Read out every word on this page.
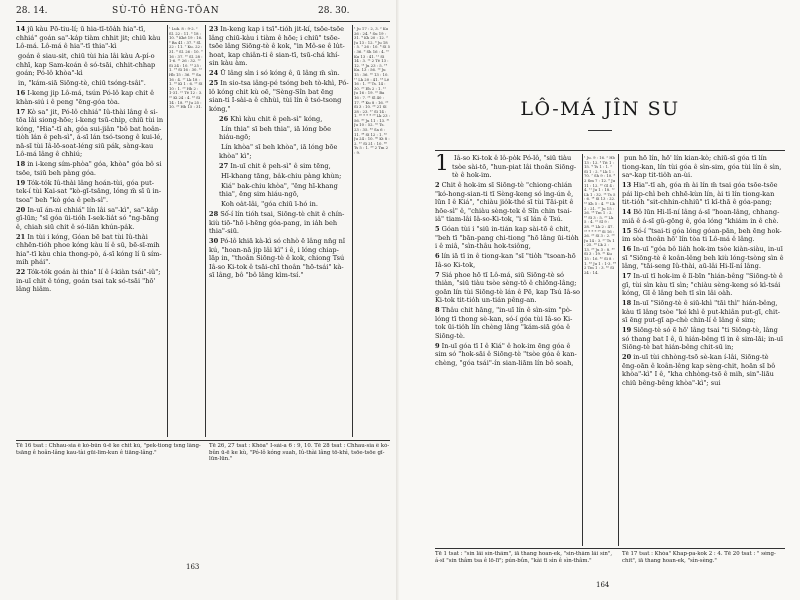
28. 14.	SÙ-TÔ HĒNG-TŌAN	28. 30.

14 jū kàu Pō-tiu-lí; ū hia-tī-tōa̍h hia"-tī, chhiá" goán sa"-ka̍p tiàm chhit jit; chiū kàu Lô-má. Lô-má ê hia"-tī thia"-kì

goán ê siau-sit, chiū tùi hia lâi kàu A-pí-o chhī, kap Sam-koán ê só-tsāi, chhit-chhap goán; Pó-lô khòa"-kì

in, "kám-siā Siōng-tè, chiū tsóng-tsâi".

16 I-keng jip Lô-má, tsún Pó-lô kap chit ê khàn-siú i ê peng "ēng-góa tòa.

17 Kò sa" jit, Pó-lô chhiá" Iû-thài lâng ê si-tōa lâi siong-hōe; i-keng tsū-chip, chiū tùi in kóng, "Hia"-tī ah, góa sui-jiân "bô bat hoân-tiòh lán ê peh-sì", á-sī lán tsó-tsong ê kui-lé, nā-sī tùi Iâ-lō-soat-léng siū pák, sàng-kau Lô-má lâng ê chhiú;

18 in i-keng sím-phòa" góa, khòa" góa bô si tsōe, tsiū beh pàng góa.

19 Tók-tók Iû-thài lâng hoán-tùi, góa put-tek-í tùi Kai-sat "kò-gī-tsāng, lóng m̄ sī ū in-tsoa" beh "kò góa ê peh-sì".

20 In-uī án-ni chhiá" lín lâi sa"-kì", sa"-ka̍p gī-lūn; "sī góa ūi-tióh I-sek-lia̍t só "ng-bāng ê, chiah siū chit ê só-liān khún-pa̍k.

21 In tùi i kóng, Góan bē bat tùi Iû-thài chhēn-tióh phoe kóng kàu lí ê sū, bē-sī-mih hia"-tī kàu chia thong-pò, á-sī kóng lí ū sím-mih phái".

22 Tók-tók goán ài thia" lí ê í-kiàn tsái"-iû"; in-uī chit ê tóng, goán tsai tak só-tsāi "hō' lâng hiâm.

¹ Luk. 8 : 9-2. ² Sl. 22 : 11. ³ 18 : 10. ⁴ Khé 19 : 16. ⁵ Ba 41 : 37. ⁶ Sl. 22 : 11. ⁷ Ku. 22 : 31. ⁸ Sl. 26 : 10. ⁹ 16 : 37. ¹⁰ Sl. 28 : 1-6. ¹¹ 26 : 32. ¹² Sī 24 : 10. ¹³ 25 : 1. ¹⁴ Sī 16 : 30. ¹⁵ Hb 15 : 36. ¹⁶ Sa 16 : 4. ¹⁷ Lk 18 : 1. ¹⁸ Kì 1 : 6. ¹⁹ Sī 10 : 1. ²⁰ Hb 2 : 1-31. ²¹ Tē 12 : 3. ²² Kì 24 : 4. ²³ Sī 14 : 18. ²⁴ Ju 25 : 10. ²⁵ Hb 15 : 31.

23 In-keng kap i tsī"-tióh jit-kí, tsōe-tsōe lâng chiū-kàu i tiàm ê hōe; i chiū" tsōe-tsōe lâng Siōng-tè ê kok, "in Mô-se ê lu̍t-hoat, kap chiân-ti ê sian-tī, tsū-chá khí-sin kàu àm.

24 Ū lâng sìn i só kóng ê, ū lâng m̄ sìn.

25 In sio-tsa iâng-pé tsóng beh tò-khì, Pó-lô kóng chit kù oē, "Sèng-Sîn bat ēng sian-ti I-sài-a ê chhùi, tùi lín ê tsó-tsong kóng,"

26 Khì kàu chit ê peh-sì" kóng,

Lín thia" sī beh thia", iā lóng bōe hiáu-ngō;

Lín khòa" sī beh khòa", iā lóng bōe khòa" kì";

27 In-uī chit ê peh-sì" ê sim tēng,

Hī-khang tāng, ba̍k-chiu pàng khùn;

Kiá" bak-chiu khòa", "ēng hī-khang thia", ēng sim hiáu-ngō,

Koh oa̍t-lâi, "góa chiū ī-hó in.

28 Số-í lín tióh tsai, Siōng-tè chit ê chín-kiù tiō-"hō i-hēng góa-pang, in ia̍h beh thia"-siū.

30 Pó-lô khiā kà-kì só chhò ē lâng nn̄g nî kú, "hoan-nā jip lâi kì" i ê, i lóng chiap-lāp in, "thoân Siōng-tè ê kok, chiong Tsú Iâ-so Ki-tok ê tsāi-chī thoân "hō-tsái" kà-sī lâng, bô "bô lâng kìm-tsí."

¹ Ju 17 : 2, 3. ² Ku 26 : 24. ³ Su 19 : 31. ⁴ Kh 20 : 12. ⁵ Ju 13 : 12. ⁶ Ju 18 : 5. ⁷ 26 : 10. ⁸ Sī 5 : 36. ⁹ Sh 16 : 4. ¹⁰ Ku 13 : 41. ¹¹ Sī 14 : 3. ¹² 2 Tē 13 : 12. ¹³ Ju 23 : 5. ¹⁴ Ku. 13 : 56. ¹⁵ Ju 15 : 36. ¹⁶ 13 : 10. ¹⁷ Lk 20 : 41. ¹⁸ Lē 16 : 1. ¹⁹ Ts. 14 : 30. ²⁰ Eh 2 : 1. ²¹ Ju 16 : 19. ²² Ba 16 : 7. ²³ Sl 40 : 17. ²⁴ Ku 8 : 16. ²⁵ Sī 3 : 10. ²⁶ 21 Sī 28 : 23. ²⁷ Sī 14 : 1. ²⁸ * * * ²⁹ Lk 23 : 56. ³⁰ Ju 11 : 13. ³¹ Ju 10 : 52. ³² Ts. 23 : 35. ³³ Sa 6 : 11. ³⁴ Sī 12 : 1. ³⁵ Ju 24 : 10. ³⁶ Kt 8 : 2. ³⁷ Sī 21 : 10. ³⁸ Ts 5 : 1. ³⁹ 2 Tm 2 : 9.
Tē 16 tsat : Chhau-sia ê kó-bûn ū-ē ke chit kù, "pek-tiong tsng lâng-tsāng ê hoân-lâng kau-tài gūi-lim-kun ê tiāng-lâng."
Tē 26, 27 tsat : Khòa" I-sài-a 6 : 9, 10. Tē 28 tsat : Chhau-sia ê kó-bûn ū-ē ke kù, "Pó-lô kóng suah, Iû-thài lâng tō-khì, tsōe-tsōe gī-lūn-lūn."
163
LÔ-MÁ JÎN SU

1 Iâ-so Ki-tok ê lô-po̍k Pó-lô, "siū tiàu tsòe sài-tō, "hun-piat lâi thoân Siōng-tè ê hok-im.

2 Chit ê hok-im sī Siōng-tè "chiong-chián "kó-hong-sian-ti tī Sèng-keng só ìng-ún ê, lūn I ê Kiá", "chiàu jio̍k-thé sī tùi Tāi-pit ê hōe-sì" ê, "chiàu sèng-tek ê Sîn chin tsai-iâ" tiam-lâi Iâ-so-Ki-tok, "i sī lán ê Tsú.

5 Góan tùi i "siū in-tián kap sài-tō ê chit, "beh tī "bān-pang chi-tiong "hō lâng ūi-tio̍h i ê miâ, "sìn-thâu hok-tsiông,

6 lín iā tī in ê tiong-kan "sī "tio̍h "tsoan-hō Iâ-so Ki-tok,

7 Siá phoe hō tī Lô-má, siū Siōng-tè só thiàn, "siū tiàu tsòe sèng-tô ê chiōng-lâng; goān lín tùi Siōng-tè lán ê Pē, kap Tsú Iâ-so Ki-tok tit-tio̍h un-tián pêng-an.

8 Thâu chit hāng, "in-uī lín ê sìn-sim "pò-lóng tī thong sè-kan, só-í góa tùi Iâ-so Ki-tok ūi-tio̍h lín chèng lâng "kám-siā góa ê Siōng-tè.

9 In-uī góa tī I ê Kiá" ê hok-im ēng góa ê sim só "hok-sāi ê Siōng-tè "tsòe góa ê kan-chèng, "góa tsái"-ín sian-liām lín bô soah,

¹ Ju. 9 : 16. ² Hb 13 : 12. ³ Tit 1 : 15. ⁴ Ts 1 : 1. ⁵ Sī 1 : 2. ⁶ Lk 1 : 70. ⁷ Sh 9 : 10. ⁸ 2 Sm 7 : 12. ⁹ Ju 11 : 12. ¹⁰ Gl 4 : 4. ¹¹ Ju 1 : 18. ¹² Lk 1 : 32. ¹³ Ts 5 : 6. ¹⁴ Sī 13 : 22. ¹⁵ Kh 5 : 4. ¹⁶ Lk 2 : 21. ¹⁷ Ju 15 : 26. ¹⁸ Tm 1 : 2. ¹⁹ Sī 3 : 5. ²⁰ Lk 5 : 4. ²¹ Sl 9 : 28. ²² Lk 2 : 47. ²³ * * * ²⁴ Sī 16 : 26. ²⁵ Sī 3 : 2. ²⁶ Ju 14 : 3. ²⁷ Ts 1 : 25. ²⁸ Lk 2 : 13. ²⁹ Ju 3 : 8. ³⁰ Sī 3 : 19. ³¹ Ku 15 : 16. ³² Sī 8 : 1. ³³ Ju 1 : 1-3. ³⁴ 2 Tm 1 : 3. ³⁵ Sī 24 : 14.

pun hō lín, hō' lín kian-kò; chiū-sī góa tī lín tiong-kan, lín tùi góa ê sìn-sim, góa tùi lín ê sìn, saⁿ-kap tit-tio̍h an-ùi.

13 Hia"-tī ah, góa m̄ ài lín m̄ tsai góa tsōe-tsōe pái lip-chì beh chhē-kùn lín, ài ti lín tiong-kan tit-tio̍h "sit-chhin-chhiū" tī kî-thā ê góa-pang;

14 Bô lūn Hi-lî-ní lâng á-sī "hoan-lâng, chhang-miâ ê á-sī gû-gōng ê, góa lóng "khiám in ê chè.

15 Só-í "tsai-ti góa lóng góan-pān, beh ēng hok-im sòa thoân hō' lín tòa ti Lô-má ê lâng.

16 In-uī "góa bô liáh hok-im tsòe kiàn-siàu, in-uī sī "Siōng-tè ê koân-lêng beh kiù lóng-tsòng sìn ê lâng, "tāi-seng Iû-thài, aū-lâi Hi-lî-ní lâng.

17 In-uī tī hok-im ê lī-bīn "hián-bêng "Siōng-tè ê gī, tùi sìn kàu tī sìn; "chiàu sèng-keng só kì-tsái kóng, Gī ê lâng beh tī sìn lâi oa̍h.

18 In-uī "Siōng-tè ê siū-khì "tāi thì" hián-bêng, kàu tī lâng tsòe "ké khì ê put-khiân put-gī, chit-sī ēng put-gī ap-chè chin-lí ê lâng ê sim;

19 Siōng-tè só ē hō' lâng tsai "ti Siōng-tè, lâng só thang bat I ê, ū hián-bêng tī in ê sim-lāi; in-uī Siōng-tè bat hián-bêng chit-sū in;

20 in-uī tùi chhòng-tsō sè-kan í-lâi, Siōng-tè ēng-oān ê koân-lêng kap sèng-chit, hoān sī bô khòa"-kì" I ê, "kha chhòng-tsō ê mih, sin"-liāu chiū bêng-bêng khòa"-kì"; sui

Tē 1 tsat : "sin lâi sìn-thâm", iā thang hoan-ek, "sin-thâm lâi sìn", á-sī "sin thâm tsa ê lō-lī"; pún-bûn, "kài tī sìn ê sìn-thâm."
Tē 17 tsat : Khòa" Khap-pa-kok 2 : 4. Tē 20 tsat : " sèng-chit", iā thang hoan-ek, "sìn-sèng."
164
